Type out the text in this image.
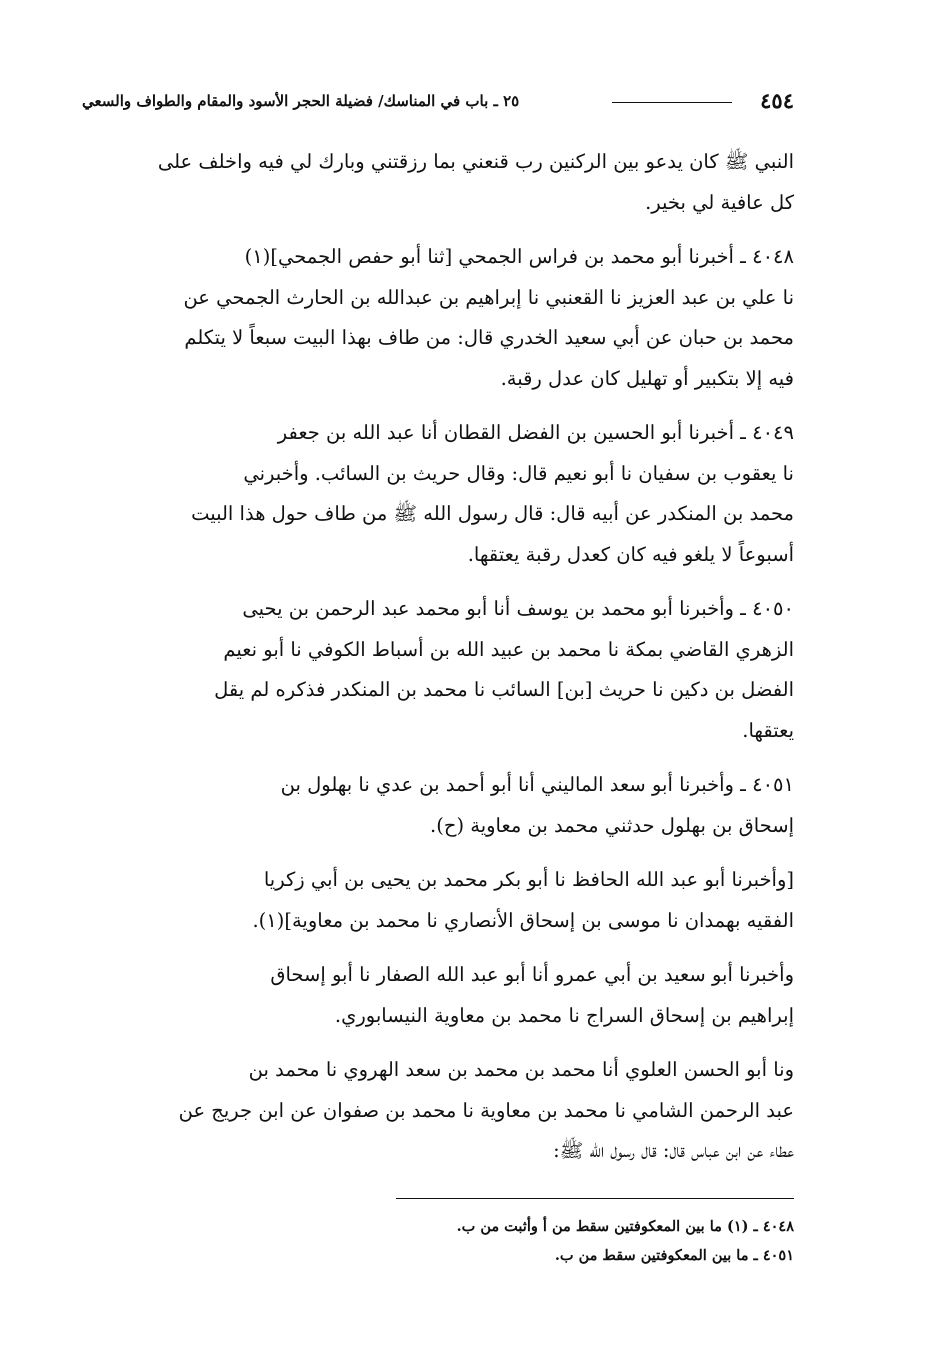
٤٥٤
٢٥ ـ باب في المناسك/ فضيلة الحجر الأسود والمقام والطواف والسعي

النبي ﷺ كان يدعو بين الركنين رب قنعني بما رزقتني وبارك لي فيه واخلف على
كل عافية لي بخير.

٤٠٤٨ ـ أخبرنا أبو محمد بن فراس الجمحي [ثنا أبو حفص الجمحي](١)
نا علي بن عبد العزيز نا القعنبي نا إبراهيم بن عبدالله بن الحارث الجمحي عن
محمد بن حبان عن أبي سعيد الخدري قال: من طاف بهذا البيت سبعاً لا يتكلم
فيه إلا بتكبير أو تهليل كان عدل رقبة.

٤٠٤٩ ـ أخبرنا أبو الحسين بن الفضل القطان أنا عبد الله بن جعفر
نا يعقوب بن سفيان نا أبو نعيم قال: وقال حريث بن السائب. وأخبرني
محمد بن المنكدر عن أبيه قال: قال رسول الله ﷺ من طاف حول هذا البيت
أسبوعاً لا يلغو فيه كان كعدل رقبة يعتقها.

٤٠٥٠ ـ وأخبرنا أبو محمد بن يوسف أنا أبو محمد عبد الرحمن بن يحيى
الزهري القاضي بمكة نا محمد بن عبيد الله بن أسباط الكوفي نا أبو نعيم
الفضل بن دكين نا حريث [بن] السائب نا محمد بن المنكدر فذكره لم يقل
يعتقها.

٤٠٥١ ـ وأخبرنا أبو سعد الماليني أنا أبو أحمد بن عدي نا بهلول بن
إسحاق بن بهلول حدثني محمد بن معاوية (ح).

[وأخبرنا أبو عبد الله الحافظ نا أبو بكر محمد بن يحيى بن أبي زكريا
الفقيه بهمدان نا موسى بن إسحاق الأنصاري نا محمد بن معاوية](١).

وأخبرنا أبو سعيد بن أبي عمرو أنا أبو عبد الله الصفار نا أبو إسحاق
إبراهيم بن إسحاق السراج نا محمد بن معاوية النيسابوري.

ونا أبو الحسن العلوي أنا محمد بن محمد بن سعد الهروي نا محمد بن
عبد الرحمن الشامي نا محمد بن معاوية نا محمد بن صفوان عن ابن جريج عن
عطاء عن ابن عباس قال: قال رسول الله ﷺ:

٤٠٤٨ ـ (١) ما بين المعكوفتين سقط من أ وأثبت من ب.

٤٠٥١ ـ ما بين المعكوفتين سقط من ب.
